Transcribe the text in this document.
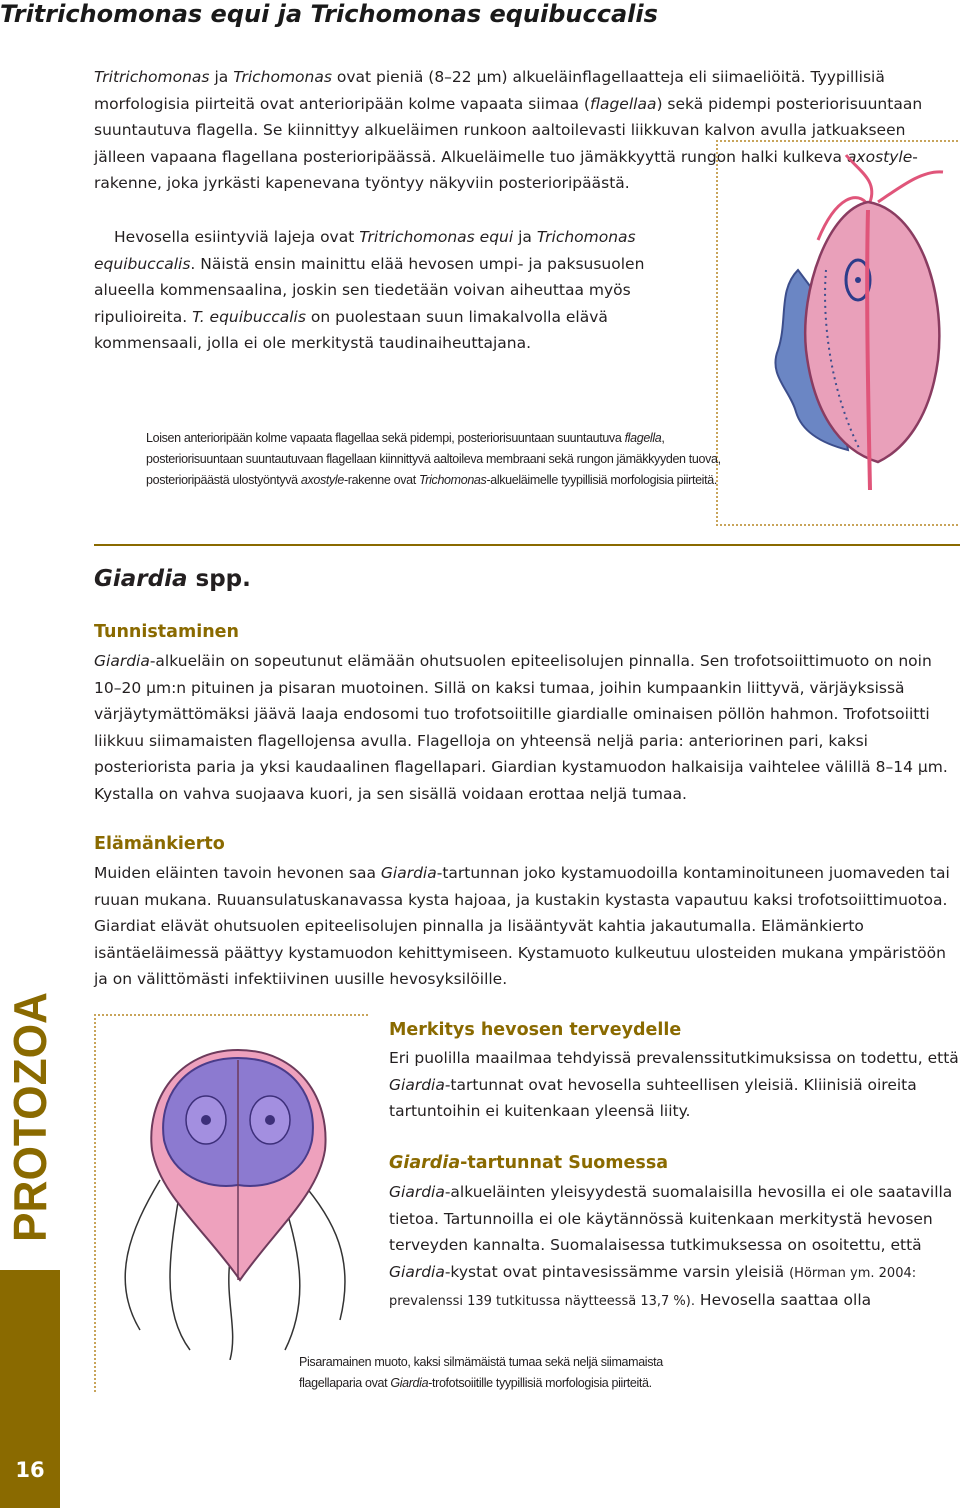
Tritrichomonas equi ja Trichomonas equibuccalis

Tritrichomonas ja Trichomonas ovat pieniä (8–22 µm) alkueläinflagellaatteja eli siimaeliöitä. Tyypillisiä morfologisia piirteitä ovat anterioripään kolme vapaata siimaa (flagellaa) sekä pidempi posteriorisuuntaan suuntautuva flagella. Se kiinnittyy alkueläimen runkoon aaltoilevasti liikkuvan kalvon avulla jatkuakseen jälleen vapaana flagellana posterioripäässä. Alkueläimelle tuo jämäkkyyttä rungon halki kulkeva axostyle-rakenne, joka jyrkästi kapenevana työntyy näkyviin posterioripäästä.

Hevosella esiintyviä lajeja ovat Tritrichomonas equi ja Trichomonas equibuccalis. Näistä ensin mainittu elää hevosen umpi- ja paksusuolen alueella kommensaalina, joskin sen tiedetään voivan aiheuttaa myös ripulioireita. T. equibuccalis on puolestaan suun limakalvolla elävä kommensaali, jolla ei ole merkitystä taudinaiheuttajana.

Loisen anterioripään kolme vapaata flagellaa sekä pidempi, posteriorisuuntaan suuntautuva flagella, posteriorisuuntaan suuntautuvaan flagellaan kiinnittyvä aaltoileva membraani sekä rungon jämäkkyyden tuova, posterioripäästä ulostyöntyvä axostyle-rakenne ovat Trichomonas-alkueläimelle tyypillisiä morfologisia piirteitä.

Giardia spp.

Tunnistaminen

Giardia-alkueläin on sopeutunut elämään ohutsuolen epiteelisolujen pinnalla. Sen trofotsoiittimuoto on noin 10–20 µm:n pituinen ja pisaran muotoinen. Sillä on kaksi tumaa, joihin kumpaankin liittyvä, värjäyksissä värjäytymättömäksi jäävä laaja endosomi tuo trofotsoiitille giardialle ominaisen pöllön hahmon. Trofotsoiitti liikkuu siimamaisten flagellojensa avulla. Flagelloja on yhteensä neljä paria: anteriorinen pari, kaksi posteriorista paria ja yksi kaudaalinen flagellapari. Giardian kystamuodon halkaisija vaihtelee välillä 8–14 µm. Kystalla on vahva suojaava kuori, ja sen sisällä voidaan erottaa neljä tumaa.

Elämänkierto

Muiden eläinten tavoin hevonen saa Giardia-tartunnan joko kystamuodoilla kontaminoituneen juomaveden tai ruuan mukana. Ruuansulatuskanavassa kysta hajoaa, ja kustakin kystasta vapautuu kaksi trofotsoiittimuotoa. Giardiat elävät ohutsuolen epiteelisolujen pinnalla ja lisääntyvät kahtia jakautumalla. Elämänkierto isäntäeläimessä päättyy kystamuodon kehittymiseen. Kystamuoto kulkeutuu ulosteiden mukana ympäristöön ja on välittömästi infektiivinen uusille hevosyksilöille.

PROTOZOA
16

Merkitys hevosen terveydelle

Eri puolilla maailmaa tehdyissä prevalenssitutkimuksissa on todettu, että Giardia-tartunnat ovat hevosella suhteellisen yleisiä. Kliinisiä oireita tartuntoihin ei kuitenkaan yleensä liity.

Giardia-tartunnat Suomessa

Giardia-alkueläinten yleisyydestä suomalaisilla hevosilla ei ole saatavilla tietoa. Tartunnoilla ei ole käytännössä kuitenkaan merkitystä hevosen terveyden kannalta. Suomalaisessa tutkimuksessa on osoitettu, että Giardia-kystat ovat pintavesissämme varsin yleisiä (Hörman ym. 2004: prevalenssi 139 tutkitussa näytteessä 13,7 %). Hevosella saattaa olla

Pisaramainen muoto, kaksi silmämäistä tumaa sekä neljä siimamaista flagellaparia ovat Giardia-trofotsoiitille tyypillisiä morfologisia piirteitä.
